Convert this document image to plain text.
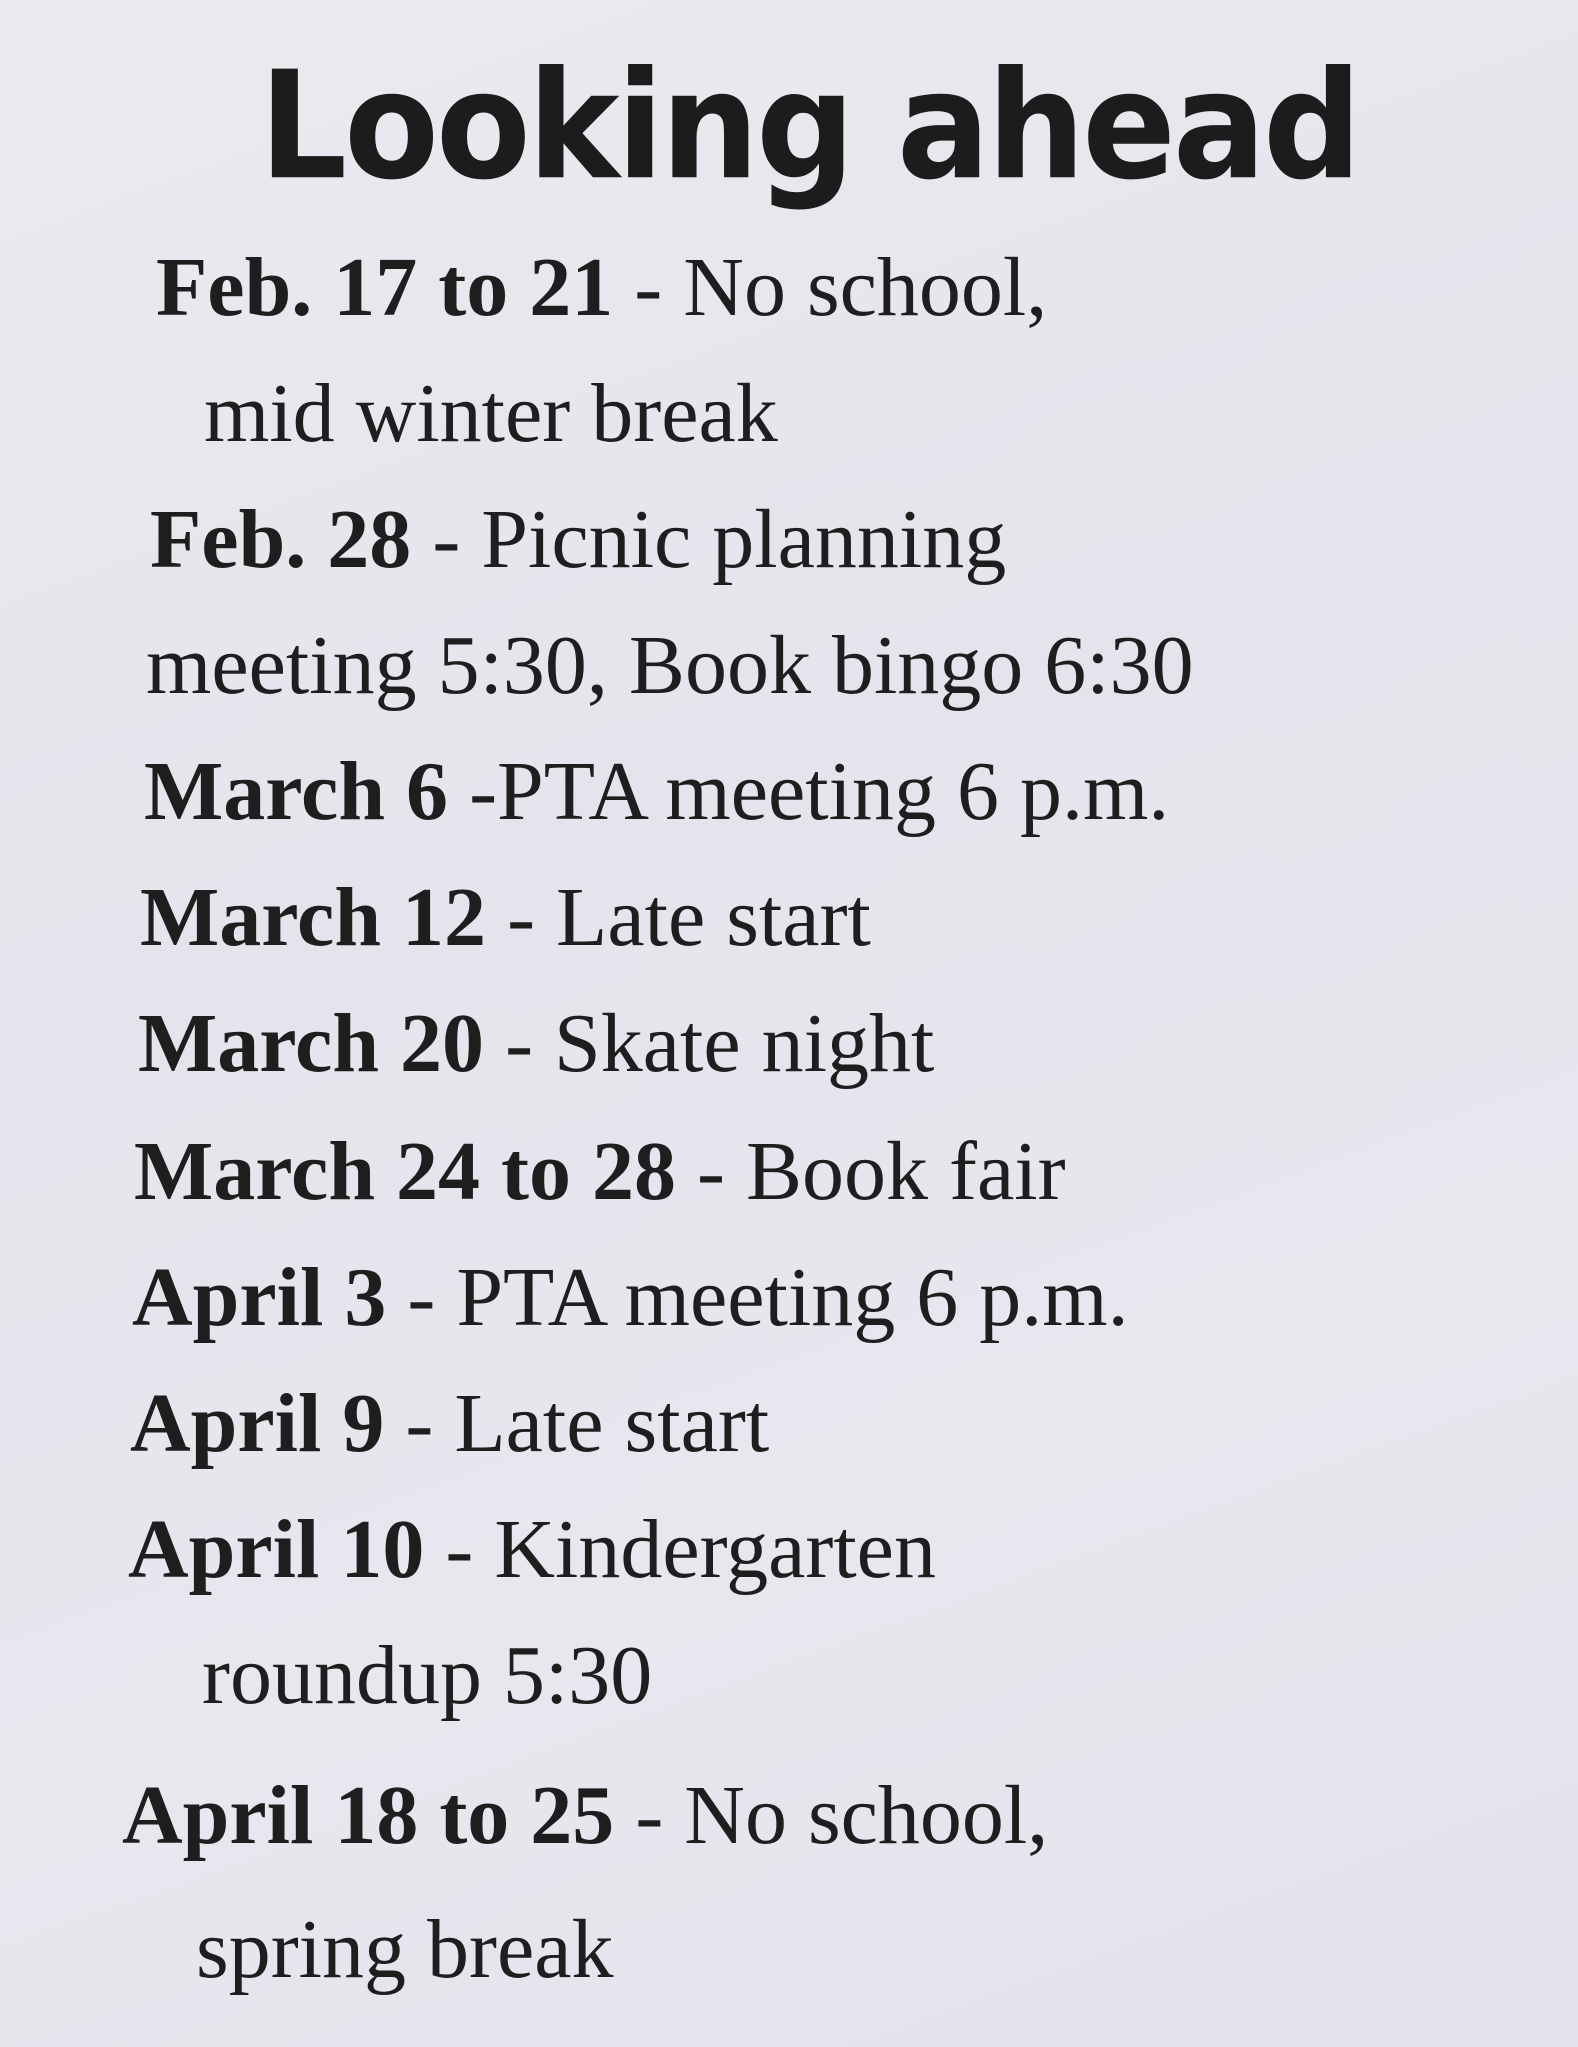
Looking ahead
Feb. 17 to 21 - No school,
mid winter break
Feb. 28 - Picnic planning
meeting 5:30, Book bingo 6:30
March 6 -PTA meeting 6 p.m.
March 12 - Late start
March 20 - Skate night
March 24 to 28 - Book fair
April 3 - PTA meeting 6 p.m.
April 9 - Late start
April 10 - Kindergarten
roundup 5:30
April 18 to 25 - No school,
spring break
